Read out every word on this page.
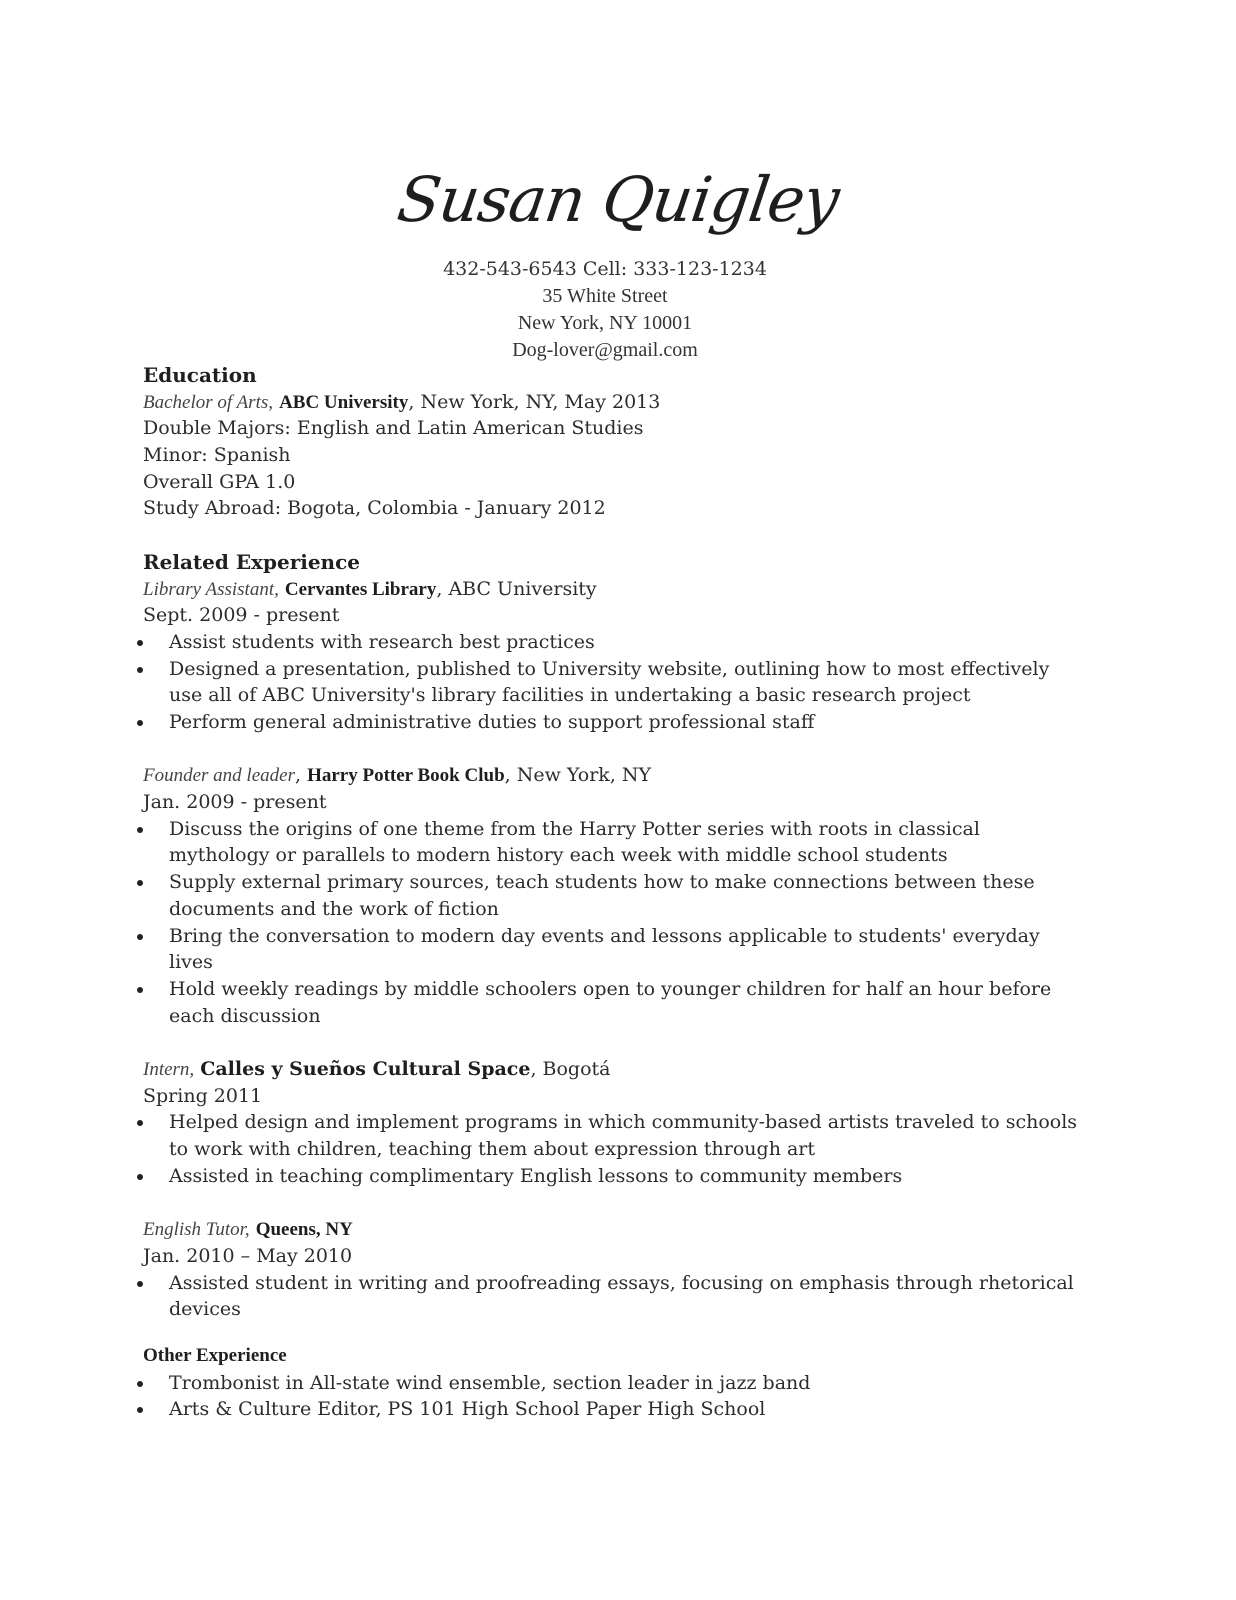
Susan Quigley
432-543-6543 Cell: 333-123-1234
35 White Street
New York, NY 10001
Dog-lover@gmail.com
Education
Bachelor of Arts, ABC University, New York, NY, May 2013
Double Majors: English and Latin American Studies
Minor: Spanish
Overall GPA 1.0
Study Abroad: Bogota, Colombia - January 2012
Related Experience
Library Assistant, Cervantes Library, ABC University
Sept. 2009 - present
Assist students with research best practices
Designed a presentation, published to University website, outlining how to most effectively use all of ABC University's library facilities in undertaking a basic research project
Perform general administrative duties to support professional staff
Founder and leader, Harry Potter Book Club, New York, NY
Jan. 2009 - present
Discuss the origins of one theme from the Harry Potter series with roots in classical mythology or parallels to modern history each week with middle school students
Supply external primary sources, teach students how to make connections between these documents and the work of fiction
Bring the conversation to modern day events and lessons applicable to students' everyday lives
Hold weekly readings by middle schoolers open to younger children for half an hour before each discussion
Intern, Calles y Sueños Cultural Space, Bogotá
Spring 2011
Helped design and implement programs in which community-based artists traveled to schools to work with children, teaching them about expression through art
Assisted in teaching complimentary English lessons to community members
English Tutor, Queens, NY
Jan. 2010 – May 2010
Assisted student in writing and proofreading essays, focusing on emphasis through rhetorical devices
Other Experience
Trombonist in All-state wind ensemble, section leader in jazz band
Arts & Culture Editor, PS 101 High School Paper High School
